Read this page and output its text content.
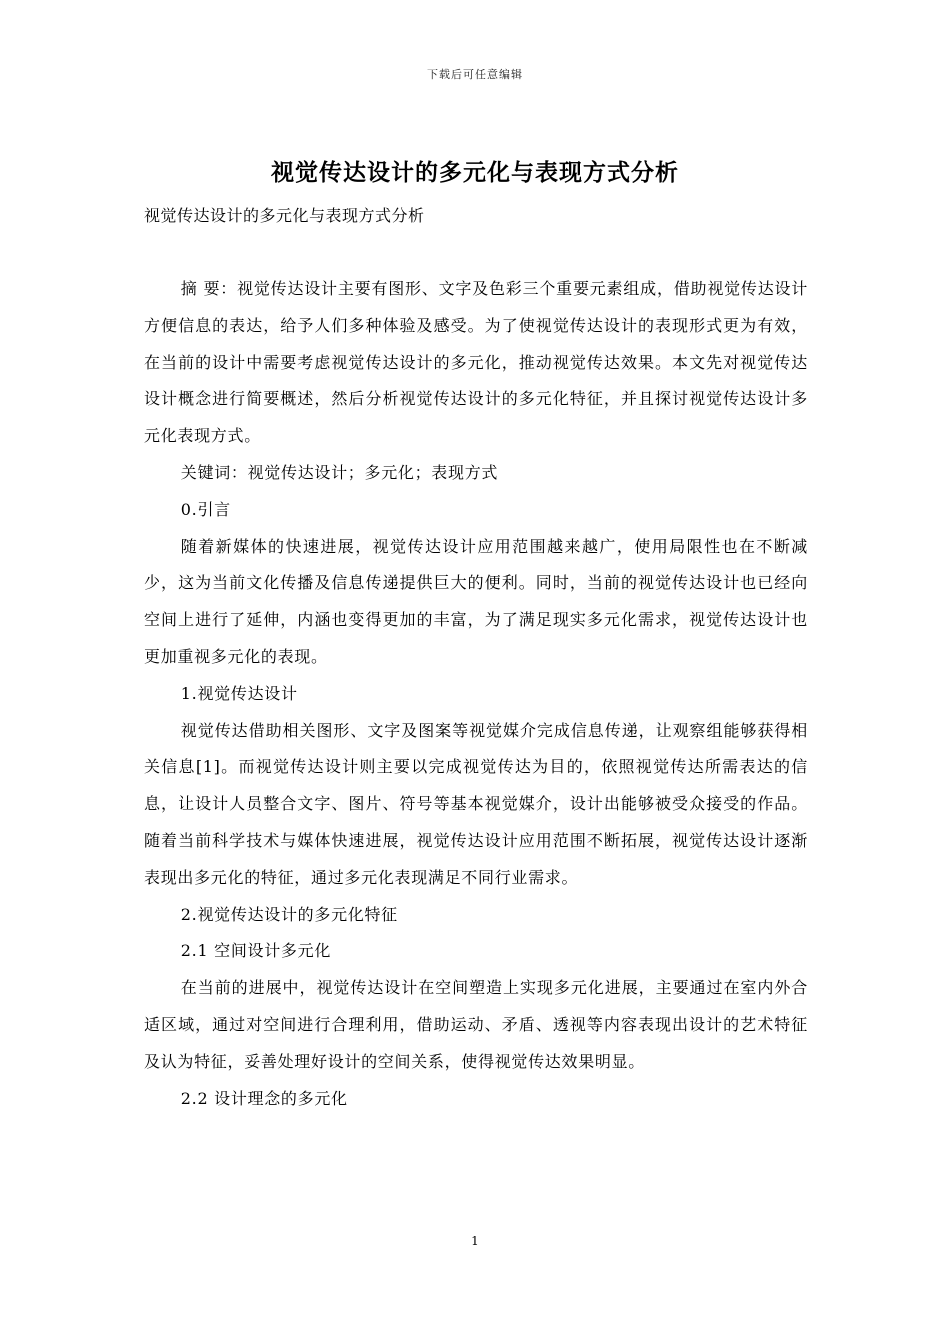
下载后可任意编辑
视觉传达设计的多元化与表现方式分析
视觉传达设计的多元化与表现方式分析

摘 要：视觉传达设计主要有图形、文字及色彩三个重要元素组成，借助视觉传达设计方便信息的表达，给予人们多种体验及感受。为了使视觉传达设计的表现形式更为有效，在当前的设计中需要考虑视觉传达设计的多元化，推动视觉传达效果。本文先对视觉传达设计概念进行简要概述，然后分析视觉传达设计的多元化特征，并且探讨视觉传达设计多元化表现方式。

关键词：视觉传达设计；多元化；表现方式

0.引言

随着新媒体的快速进展，视觉传达设计应用范围越来越广，使用局限性也在不断减少，这为当前文化传播及信息传递提供巨大的便利。同时，当前的视觉传达设计也已经向空间上进行了延伸，内涵也变得更加的丰富，为了满足现实多元化需求，视觉传达设计也更加重视多元化的表现。

1.视觉传达设计

视觉传达借助相关图形、文字及图案等视觉媒介完成信息传递，让观察组能够获得相关信息[1]。而视觉传达设计则主要以完成视觉传达为目的，依照视觉传达所需表达的信息，让设计人员整合文字、图片、符号等基本视觉媒介，设计出能够被受众接受的作品。随着当前科学技术与媒体快速进展，视觉传达设计应用范围不断拓展，视觉传达设计逐渐表现出多元化的特征，通过多元化表现满足不同行业需求。

2.视觉传达设计的多元化特征

2.1 空间设计多元化

在当前的进展中，视觉传达设计在空间塑造上实现多元化进展，主要通过在室内外合适区域，通过对空间进行合理利用，借助运动、矛盾、透视等内容表现出设计的艺术特征及认为特征，妥善处理好设计的空间关系，使得视觉传达效果明显。

2.2 设计理念的多元化

1
